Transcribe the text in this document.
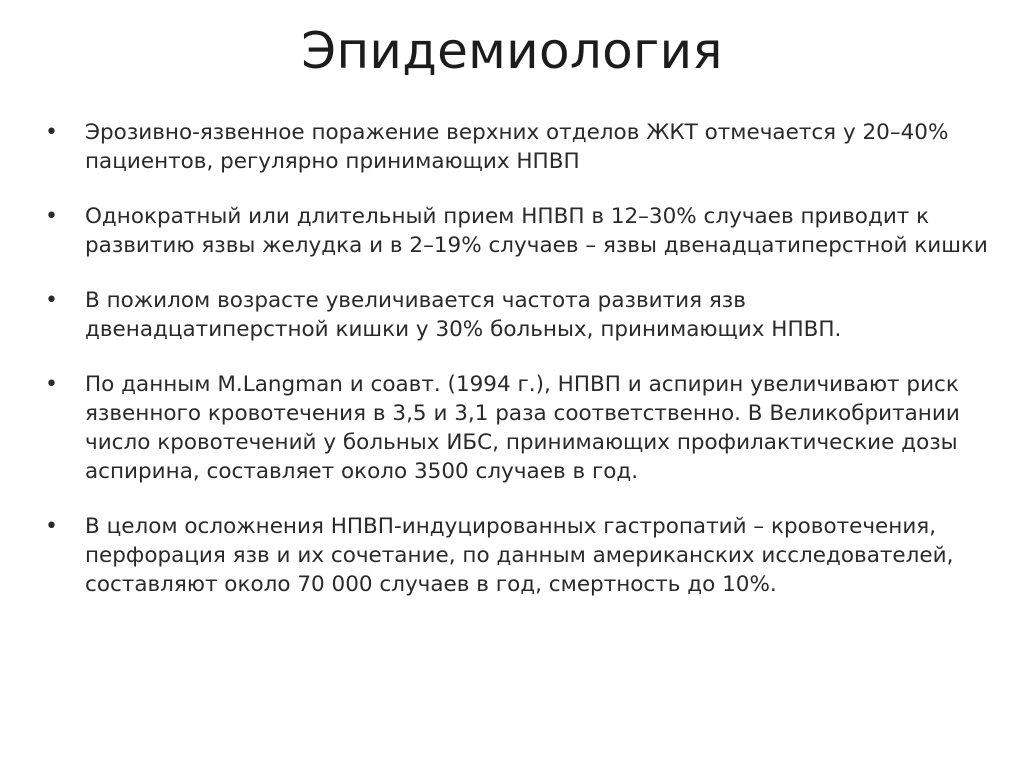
Эпидемиология
•	Эрозивно-язвенное поражение верхних отделов ЖКТ отмечается у 20–40% пациентов, регулярно принимающих НПВП
•	Однократный или длительный прием НПВП в 12–30% случаев приводит к развитию язвы желудка и в 2–19% случаев – язвы двенадцатиперстной кишки
•	В пожилом возрасте увеличивается частота развития язв двенадцатиперстной кишки у 30% больных, принимающих НПВП.
•	По данным M.Langman и соавт. (1994 г.), НПВП и аспирин увеличивают риск язвенного кровотечения в 3,5 и 3,1 раза соответственно. В Великобритании число кровотечений у больных ИБС, принимающих профилактические дозы аспирина, составляет около 3500 случаев в год.
•	В целом осложнения НПВП-индуцированных гастропатий – кровотечения, перфорация язв и их сочетание, по данным американских исследователей, составляют около 70 000 случаев в год, смертность до 10%.
